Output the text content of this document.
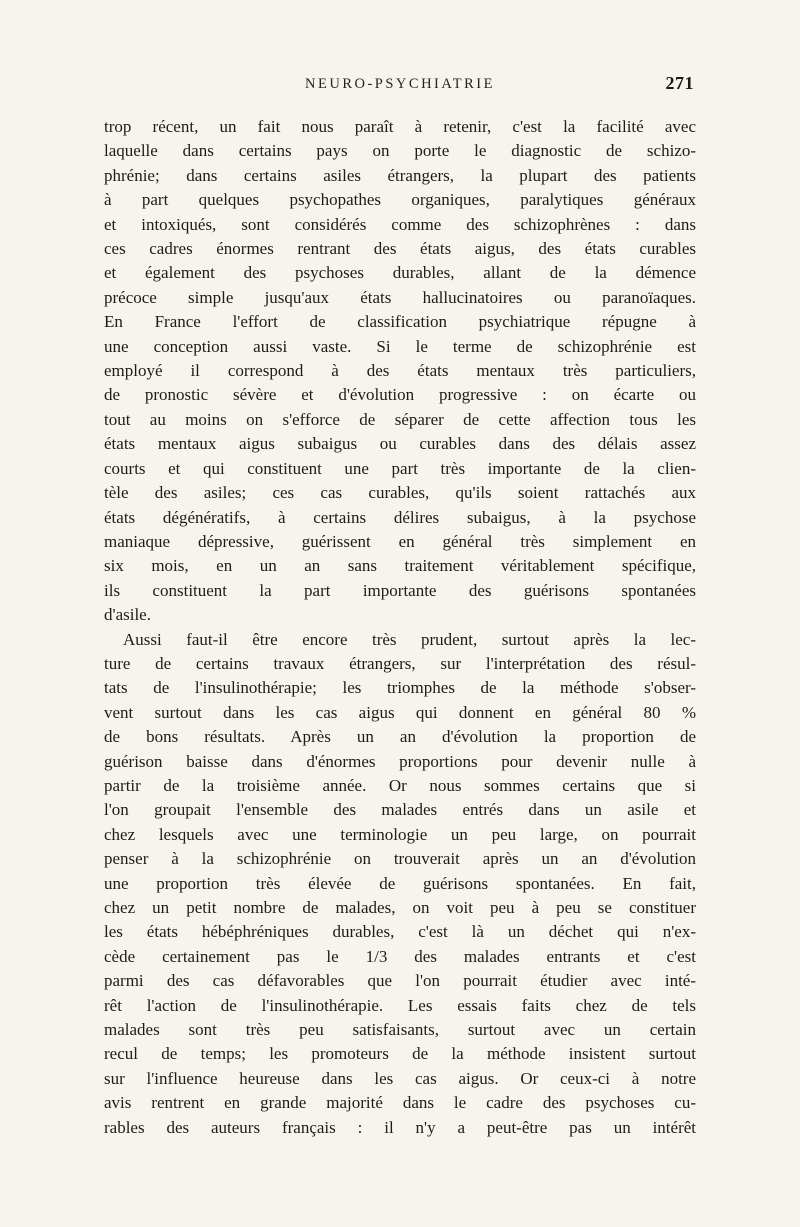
NEURO-PSYCHIATRIE	271
trop récent, un fait nous paraît à retenir, c'est la facilité avec
laquelle dans certains pays on porte le diagnostic de schizo-
phrénie; dans certains asiles étrangers, la plupart des patients
à part quelques psychopathes organiques, paralytiques généraux
et intoxiqués, sont considérés comme des schizophrènes : dans
ces cadres énormes rentrant des états aigus, des états curables
et également des psychoses durables, allant de la démence
précoce simple jusqu'aux états hallucinatoires ou paranoïaques.
En France l'effort de classification psychiatrique répugne à
une conception aussi vaste. Si le terme de schizophrénie est
employé il correspond à des états mentaux très particuliers,
de pronostic sévère et d'évolution progressive : on écarte ou
tout au moins on s'efforce de séparer de cette affection tous les
états mentaux aigus subaigus ou curables dans des délais assez
courts et qui constituent une part très importante de la clien-
tèle des asiles; ces cas curables, qu'ils soient rattachés aux
états dégénératifs, à certains délires subaigus, à la psychose
maniaque dépressive, guérissent en général très simplement en
six mois, en un an sans traitement véritablement spécifique,
ils constituent la part importante des guérisons spontanées
d'asile.
Aussi faut-il être encore très prudent, surtout après la lec-
ture de certains travaux étrangers, sur l'interprétation des résul-
tats de l'insulinothérapie; les triomphes de la méthode s'obser-
vent surtout dans les cas aigus qui donnent en général 80 %
de bons résultats. Après un an d'évolution la proportion de
guérison baisse dans d'énormes proportions pour devenir nulle à
partir de la troisième année. Or nous sommes certains que si
l'on groupait l'ensemble des malades entrés dans un asile et
chez lesquels avec une terminologie un peu large, on pourrait
penser à la schizophrénie on trouverait après un an d'évolution
une proportion très élevée de guérisons spontanées. En fait,
chez un petit nombre de malades, on voit peu à peu se constituer
les états hébéphréniques durables, c'est là un déchet qui n'ex-
cède certainement pas le 1/3 des malades entrants et c'est
parmi des cas défavorables que l'on pourrait étudier avec inté-
rêt l'action de l'insulinothérapie. Les essais faits chez de tels
malades sont très peu satisfaisants, surtout avec un certain
recul de temps; les promoteurs de la méthode insistent surtout
sur l'influence heureuse dans les cas aigus. Or ceux-ci à notre
avis rentrent en grande majorité dans le cadre des psychoses cu-
rables des auteurs français : il n'y a peut-être pas un intérêt
